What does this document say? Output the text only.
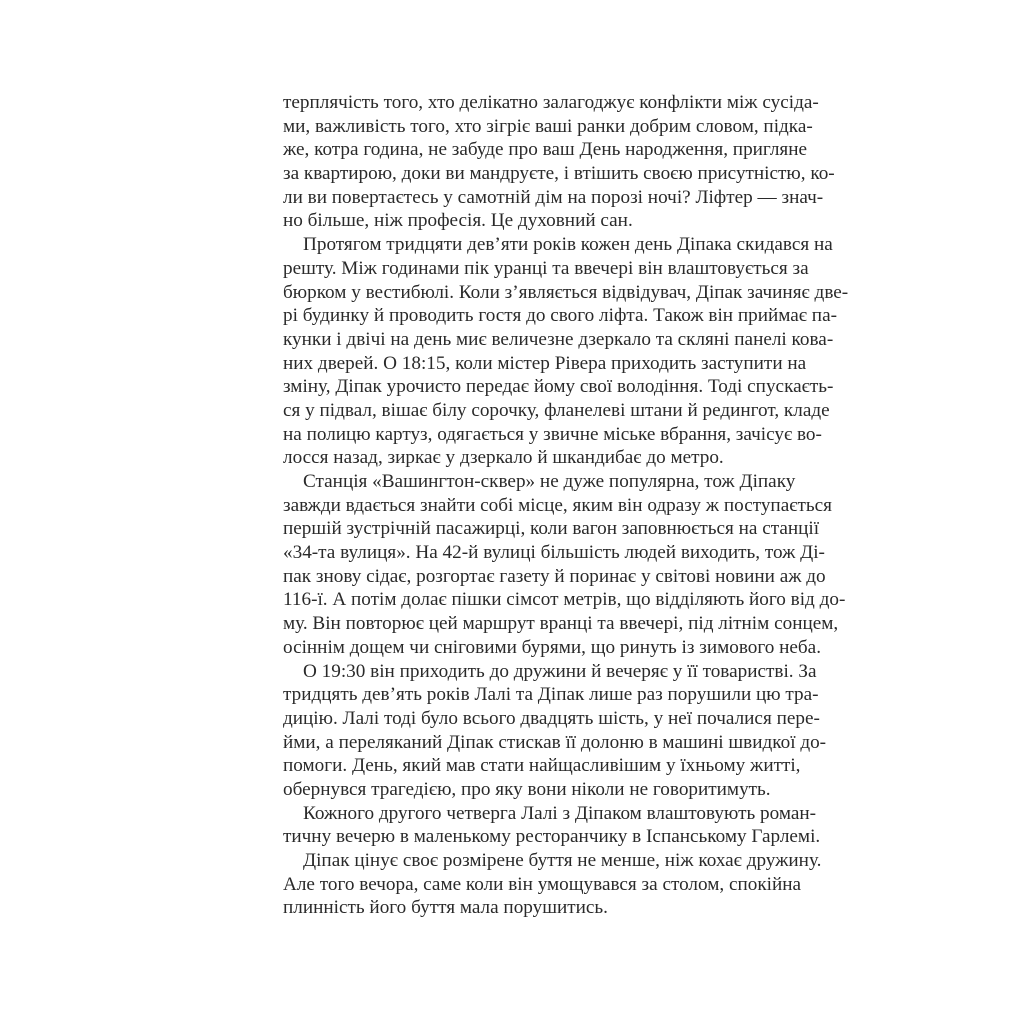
терплячість того, хто делікатно залагоджує конфлікти між сусіда-
ми, важливість того, хто зігріє ваші ранки добрим словом, підка-
же, котра година, не забуде про ваш День народження, пригляне
за квартирою, доки ви мандруєте, і втішить своєю присутністю, ко-
ли ви повертаєтесь у самотній дім на порозі ночі? Ліфтер — знач-
но більше, ніж професія. Це духовний сан.
Протягом тридцяти дев’яти років кожен день Діпака скидався на
решту. Між годинами пік уранці та ввечері він влаштовується за
бюрком у вестибюлі. Коли з’являється відвідувач, Діпак зачиняє две-
рі будинку й проводить гостя до свого ліфта. Також він приймає па-
кунки і двічі на день миє величезне дзеркало та скляні панелі кова-
них дверей. О 18:15, коли містер Рівера приходить заступити на
зміну, Діпак урочисто передає йому свої володіння. Тоді спускаєть-
ся у підвал, вішає білу сорочку, фланелеві штани й редингот, кладе
на полицю картуз, одягається у звичне міське вбрання, зачісує во-
лосся назад, зиркає у дзеркало й шкандибає до метро.
Станція «Вашингтон-сквер» не дуже популярна, тож Діпаку
завжди вдається знайти собі місце, яким він одразу ж поступається
першій зустрічній пасажирці, коли вагон заповнюється на станції
«34-та вулиця». На 42-й вулиці більшість людей виходить, тож Ді-
пак знову сідає, розгортає газету й поринає у світові новини аж до
116-ї. А потім долає пішки сімсот метрів, що відділяють його від до-
му. Він повторює цей маршрут вранці та ввечері, під літнім сонцем,
осіннім дощем чи сніговими бурями, що ринуть із зимового неба.
О 19:30 він приходить до дружини й вечеряє у її товаристві. За
тридцять дев’ять років Лалі та Діпак лише раз порушили цю тра-
дицію. Лалі тоді було всього двадцять шість, у неї почалися пере-
йми, а переляканий Діпак стискав її долоню в машині швидкої до-
помоги. День, який мав стати найщасливішим у їхньому житті,
обернувся трагедією, про яку вони ніколи не говоритимуть.
Кожного другого четверга Лалі з Діпаком влаштовують роман-
тичну вечерю в маленькому ресторанчику в Іспанському Гарлемі.
Діпак цінує своє розмірене буття не менше, ніж кохає дружину.
Але того вечора, саме коли він умощувався за столом, спокійна
плинність його буття мала порушитись.
